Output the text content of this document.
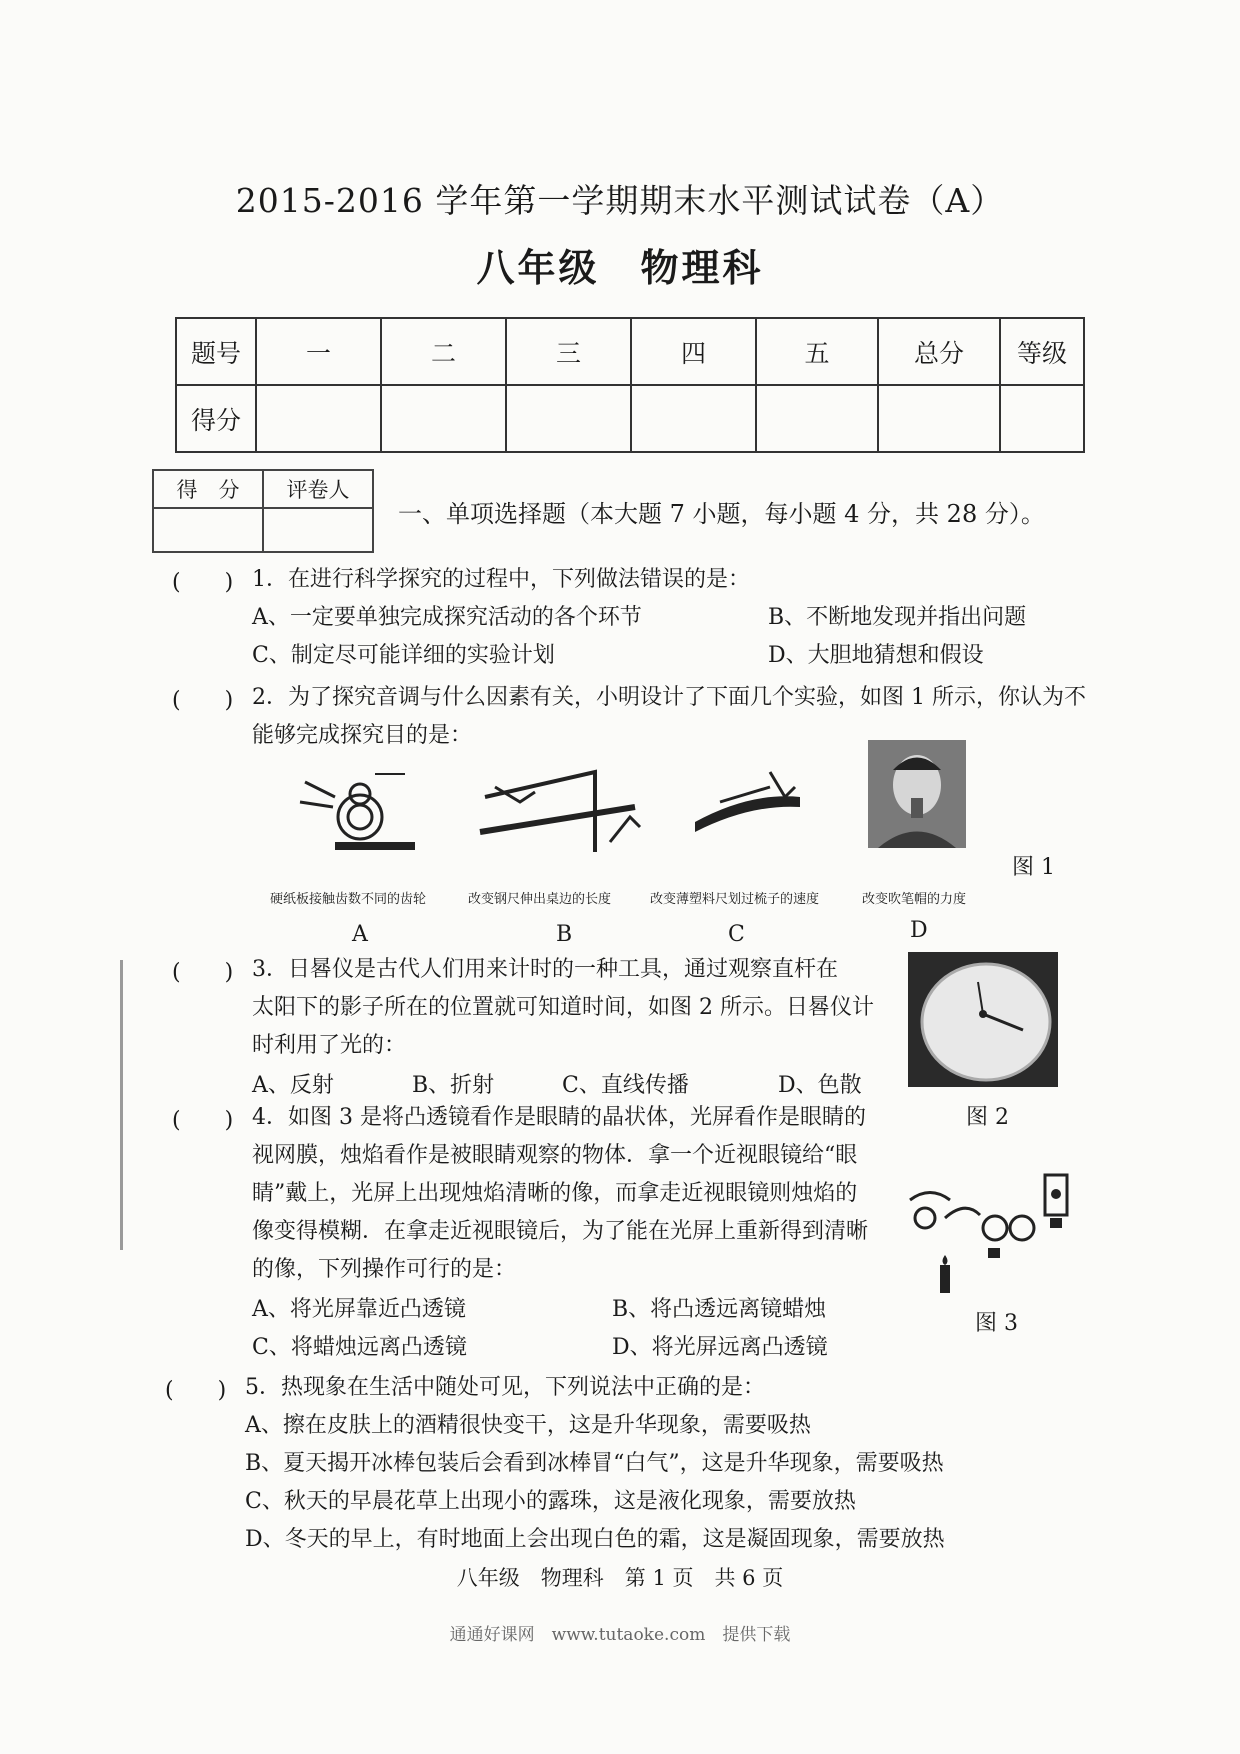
2015-2016 学年第一学期期末水平测试试卷（A）
八年级　物理科
题号	一	二	三	四	五	总分	等级
得分							
得　分	评卷人

一、单项选择题（本大题 7 小题，每小题 4 分，共 28 分）。
(　　) 1．在进行科学探究的过程中，下列做法错误的是：
A、一定要单独完成探究活动的各个环节	B、不断地发现并指出问题
C、制定尽可能详细的实验计划	D、大胆地猜想和假设
(　　) 2．为了探究音调与什么因素有关，小明设计了下面几个实验，如图 1 所示，你认为不
能够完成探究目的是：
图 1
硬纸板接触齿数不同的齿轮	改变钢尺伸出桌边的长度	改变薄塑料尺划过梳子的速度	改变吹笔帽的力度
A	B	C	D
(　　) 3．日晷仪是古代人们用来计时的一种工具，通过观察直杆在
太阳下的影子所在的位置就可知道时间，如图 2 所示。日晷仪计
时利用了光的：
A、反射	B、折射	C、直线传播	D、色散
图 2
(　　) 4．如图 3 是将凸透镜看作是眼睛的晶状体，光屏看作是眼睛的
视网膜，烛焰看作是被眼睛观察的物体．拿一个近视眼镜给“眼
睛”戴上，光屏上出现烛焰清晰的像，而拿走近视眼镜则烛焰的
像变得模糊．在拿走近视眼镜后，为了能在光屏上重新得到清晰
的像，下列操作可行的是：
A、将光屏靠近凸透镜	B、将凸透远离镜蜡烛
C、将蜡烛远离凸透镜	D、将光屏远离凸透镜
图 3
(　　) 5．热现象在生活中随处可见，下列说法中正确的是：
A、擦在皮肤上的酒精很快变干，这是升华现象，需要吸热
B、夏天揭开冰棒包装后会看到冰棒冒“白气”，这是升华现象，需要吸热
C、秋天的早晨花草上出现小的露珠，这是液化现象，需要放热
D、冬天的早上，有时地面上会出现白色的霜，这是凝固现象，需要放热
八年级　物理科　第 1 页　共 6 页
通通好课网　www.tutaoke.com　提供下载
